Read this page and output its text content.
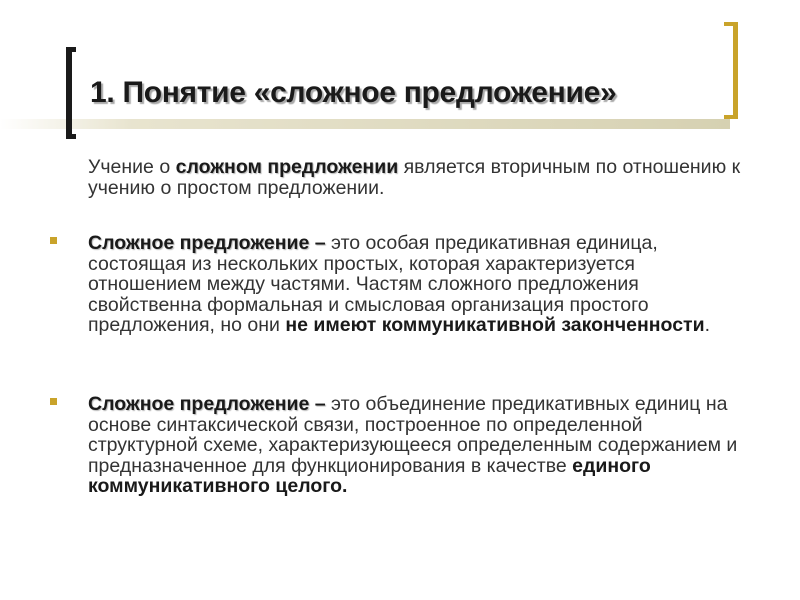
1. Понятие «сложное предложение»

Учение о сложном предложении является вторичным по отношению к учению о простом предложении.

Сложное предложение – это особая предикативная единица, состоящая из нескольких простых, которая характеризуется отношением между частями. Частям сложного предложения свойственна формальная и смысловая организация простого предложения, но они не имеют коммуникативной законченности.

Сложное предложение – это объединение предикативных единиц на основе синтаксической связи, построенное по определенной структурной схеме, характеризующееся определенным содержанием и предназначенное для функционирования в качестве единого коммуникативного целого.
